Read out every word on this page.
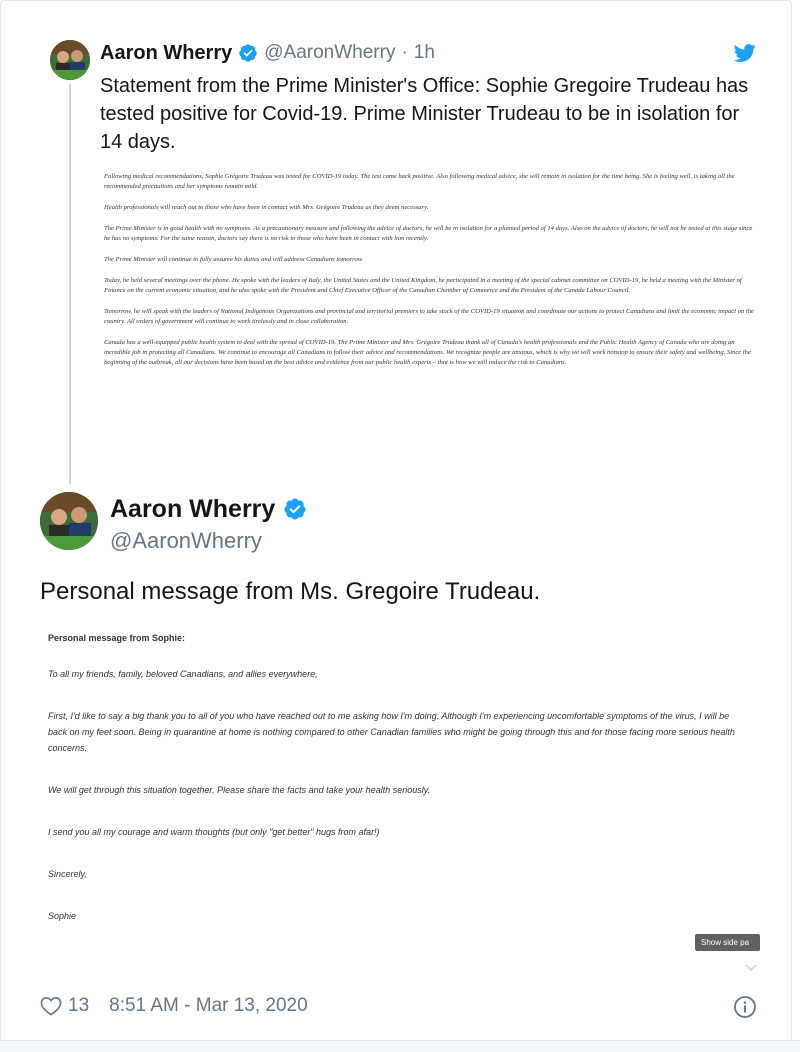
Aaron Wherry @AaronWherry · 1h
Statement from the Prime Minister's Office: Sophie Gregoire Trudeau has tested positive for Covid-19. Prime Minister Trudeau to be in isolation for 14 days.

Following medical recommendations, Sophie Grégoire Trudeau was tested for COVID-19 today. The test came back positive. Also following medical advice, she will remain in isolation for the time being. She is feeling well, is taking all the recommended precautions and her symptoms remain mild.

Health professionals will reach out to those who have been in contact with Mrs. Grégoire Trudeau as they deem necessary.

The Prime Minister is in good health with no symptoms. As a precautionary measure and following the advice of doctors, he will be in isolation for a planned period of 14 days. Also on the advice of doctors, he will not be tested at this stage since he has no symptoms. For the same reason, doctors say there is no risk to those who have been in contact with him recently.

The Prime Minister will continue to fully assume his duties and will address Canadians tomorrow.

Today, he held several meetings over the phone. He spoke with the leaders of Italy, the United States and the United Kingdom, he participated in a meeting of the special cabinet committee on COVID-19, he held a meeting with the Minister of Finance on the current economic situation, and he also spoke with the President and Chief Executive Officer of the Canadian Chamber of Commerce and the President of the Canada Labour Council.

Tomorrow, he will speak with the leaders of National Indigenous Organizations and provincial and territorial premiers to take stock of the COVID-19 situation and coordinate our actions to protect Canadians and limit the economic impact on the country. All orders of government will continue to work tirelessly and in close collaboration.

Canada has a well-equipped public health system to deal with the spread of COVID-19. The Prime Minister and Mrs. Grégoire Trudeau thank all of Canada's health professionals and the Public Health Agency of Canada who are doing an incredible job in protecting all Canadians. We continue to encourage all Canadians to follow their advice and recommendations. We recognize people are anxious, which is why we will work nonstop to ensure their safety and wellbeing. Since the beginning of the outbreak, all our decisions have been based on the best advice and evidence from our public health experts – that is how we will reduce the risk to Canadians.

Aaron Wherry
@AaronWherry
Personal message from Ms. Gregoire Trudeau.
Personal message from Sophie:

To all my friends, family, beloved Canadians, and allies everywhere,

First, I'd like to say a big thank you to all of you who have reached out to me asking how I'm doing. Although I'm experiencing uncomfortable symptoms of the virus, I will be back on my feet soon. Being in quarantine at home is nothing compared to other Canadian families who might be going through this and for those facing more serious health concerns.

We will get through this situation together. Please share the facts and take your health seriously.

I send you all my courage and warm thoughts (but only "get better" hugs from afar!)

Sincerely,

Sophie

Show side pa
13 8:51 AM - Mar 13, 2020
